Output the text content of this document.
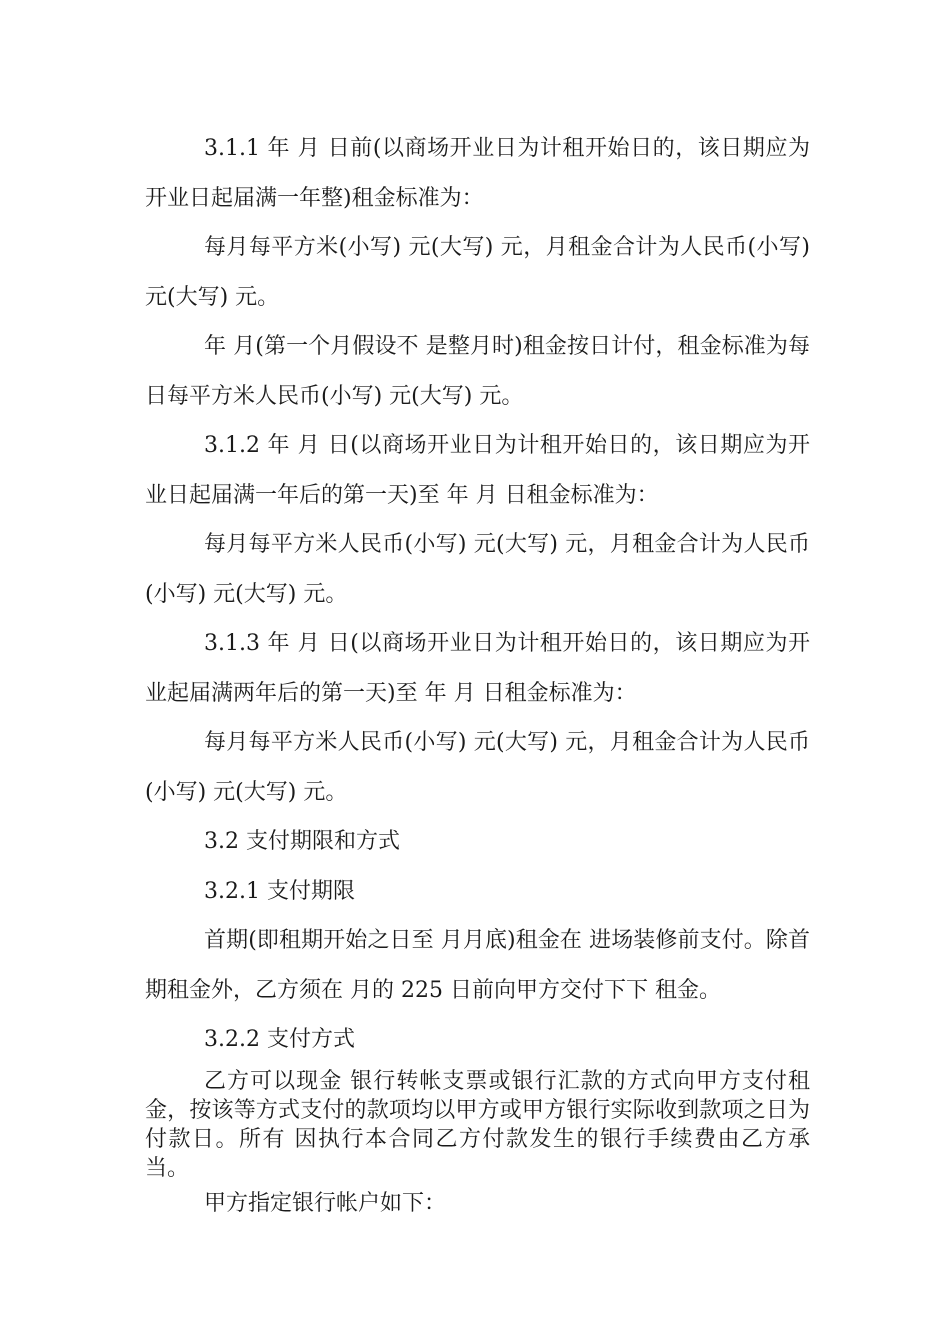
3.1.1 年 月 日前(以商场开业日为计租开始日的，该日期应为开业日起届满一年整)租金标准为：

每月每平方米(小写) 元(大写) 元，月租金合计为人民币(小写) 元(大写) 元。

年 月(第一个月假设不 是整月时)租金按日计付，租金标准为每日每平方米人民币(小写) 元(大写) 元。

3.1.2 年 月 日(以商场开业日为计租开始日的，该日期应为开业日起届满一年后的第一天)至 年 月 日租金标准为：

每月每平方米人民币(小写) 元(大写) 元，月租金合计为人民币(小写) 元(大写) 元。

3.1.3 年 月 日(以商场开业日为计租开始日的，该日期应为开业起届满两年后的第一天)至 年 月 日租金标准为：

每月每平方米人民币(小写) 元(大写) 元，月租金合计为人民币(小写) 元(大写) 元。

3.2 支付期限和方式

3.2.1 支付期限

首期(即租期开始之日至 月月底)租金在 进场装修前支付。除首期租金外，乙方须在 月的 225 日前向甲方交付下下 租金。

3.2.2 支付方式

乙方可以现金 银行转帐支票或银行汇款的方式向甲方支付租金，按该等方式支付的款项均以甲方或甲方银行实际收到款项之日为付款日。所有 因执行本合同乙方付款发生的银行手续费由乙方承当。

甲方指定银行帐户如下：
